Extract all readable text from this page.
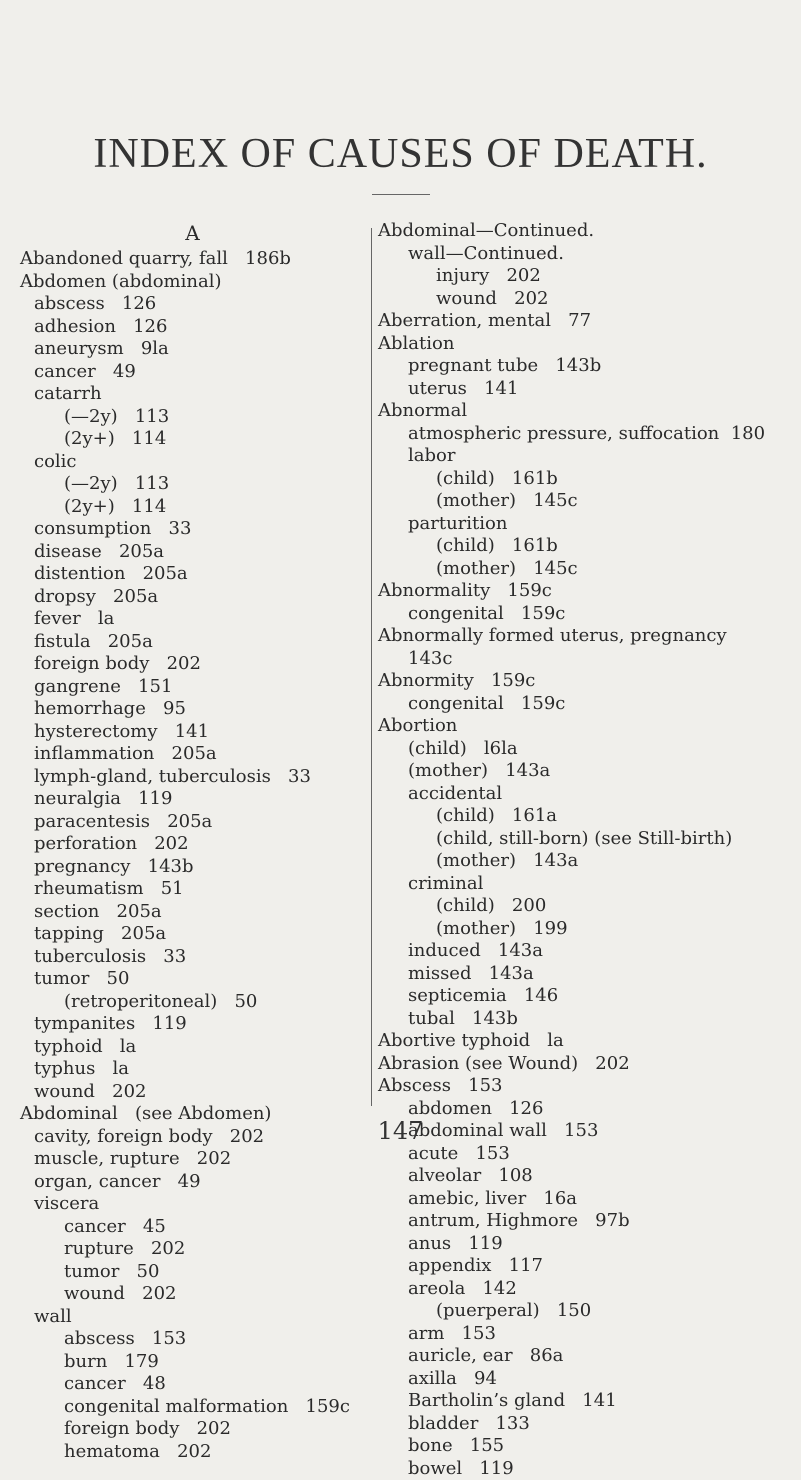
INDEX OF CAUSES OF DEATH.
A
Abandoned quarry, fall   186b
Abdomen (abdominal)
abscess   126
adhesion   126
aneurysm   9la
cancer   49
catarrh
(—2y)   113
(2y+)   114
colic
(—2y)   113
(2y+)   114
consumption   33
disease   205a
distention   205a
dropsy   205a
fever   la
fistula   205a
foreign body   202
gangrene   151
hemorrhage   95
hysterectomy   141
inflammation   205a
lymph-gland, tuberculosis   33
neuralgia   119
paracentesis   205a
perforation   202
pregnancy   143b
rheumatism   51
section   205a
tapping   205a
tuberculosis   33
tumor   50
(retroperitoneal)   50
tympanites   119
typhoid   la
typhus   la
wound   202
Abdominal   (see Abdomen)
cavity, foreign body   202
muscle, rupture   202
organ, cancer   49
viscera
cancer   45
rupture   202
tumor   50
wound   202
wall
abscess   153
burn   179
cancer   48
congenital malformation   159c
foreign body   202
hematoma   202
Abdominal—Continued.
wall—Continued.
injury   202
wound   202
Aberration, mental   77
Ablation
pregnant tube   143b
uterus   141
Abnormal
atmospheric pressure, suffocation  180
labor
(child)   161b
(mother)   145c
parturition
(child)   161b
(mother)   145c
Abnormality   159c
congenital   159c
Abnormally formed uterus, pregnancy
143c
Abnormity   159c
congenital   159c
Abortion
(child)   l6la
(mother)   143a
accidental
(child)   161a
(child, still-born) (see Still-birth)
(mother)   143a
criminal
(child)   200
(mother)   199
induced   143a
missed   143a
septicemia   146
tubal   143b
Abortive typhoid   la
Abrasion (see Wound)   202
Abscess   153
abdomen   126
abdominal wall   153
acute   153
alveolar   108
amebic, liver   16a
antrum, Highmore   97b
anus   119
appendix   117
areola   142
(puerperal)   150
arm   153
auricle, ear   86a
axilla   94
Bartholin’s gland   141
bladder   133
bone   155
bowel   119
147
